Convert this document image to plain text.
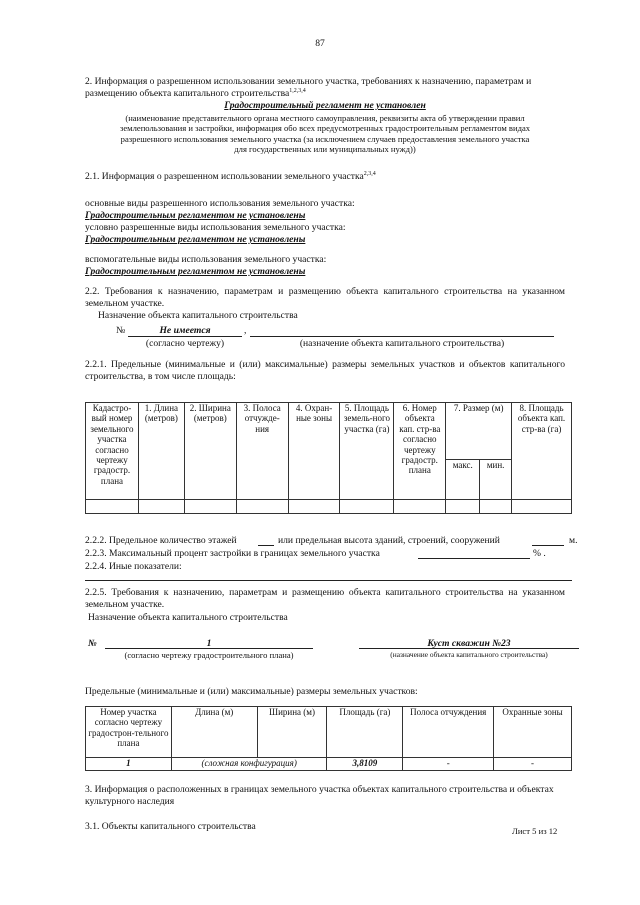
87
2. Информация о разрешенном использовании земельного участка, требованиях к назначению, параметрам и размещению объекта капитального строительства$^{1,2,3,4}$
Градостроительный регламент не установлен
(наименование представительного органа местного самоуправления, реквизиты акта об утверждении правил
землепользования и застройки, информация обо всех предусмотренных градостроительным регламентом видах
разрешенного использования земельного участка (за исключением случаев предоставления земельного участка
для государственных или муниципальных нужд))
2.1. Информация о разрешенном использовании земельного участка$^{2,3,4}$
основные виды разрешенного использования земельного участка:
Градостроительным регламентом не установлены
условно разрешенные виды использования земельного участка:
Градостроительным регламентом не установлены
вспомогательные виды использования земельного участка:
Градостроительным регламентом не установлены
2.2. Требования к назначению, параметрам и размещению объекта капитального строительства на указанном земельном участке.
Назначение объекта капитального строительства
№	Не имеется	,
(согласно чертежу)	(назначение объекта капитального строительства)
2.2.1. Предельные (минимальные и (или) максимальные) размеры земельных участков и объектов капитального строительства, в том числе площадь:
Кадастро-вый номер земельного участка согласно чертежу градостр. плана	1. Длина (метров)	2. Ширина (метров)	3. Полоса отчужде-ния	4. Охран-ные зоны	5. Площадь земель-ного участка (га)	6. Номер объекта кап. стр-ва согласно чертежу градостр. плана	7. Размер (м)		8. Площадь объекта кап. стр-ва (га)
							макс.	мин.	

2.2.2. Предельное количество этажей	или предельная высота зданий, строений, сооружений	м.
2.2.3. Максимальный процент застройки в границах земельного участка	% .
2.2.4. Иные показатели:
2.2.5. Требования к назначению, параметрам и размещению объекта капитального строительства на указанном земельном участке.
Назначение объекта капитального строительства
№	1	Куст скважин №23
(согласно чертежу градостроительного плана)	(назначение объекта капитального строительства)
Предельные (минимальные и (или) максимальные) размеры земельных участков:
Номер участка согласно чертежу градострон-тельного плана	Длина (м)	Ширина (м)	Площадь (га)	Полоса отчуждения	Охранные зоны
1	(сложная конфигурация)		3,8109	-	-
3. Информация о расположенных в границах земельного участка объектах капитального строительства и объектах культурного наследия
3.1. Объекты капитального строительства	Лист 5 из 12
